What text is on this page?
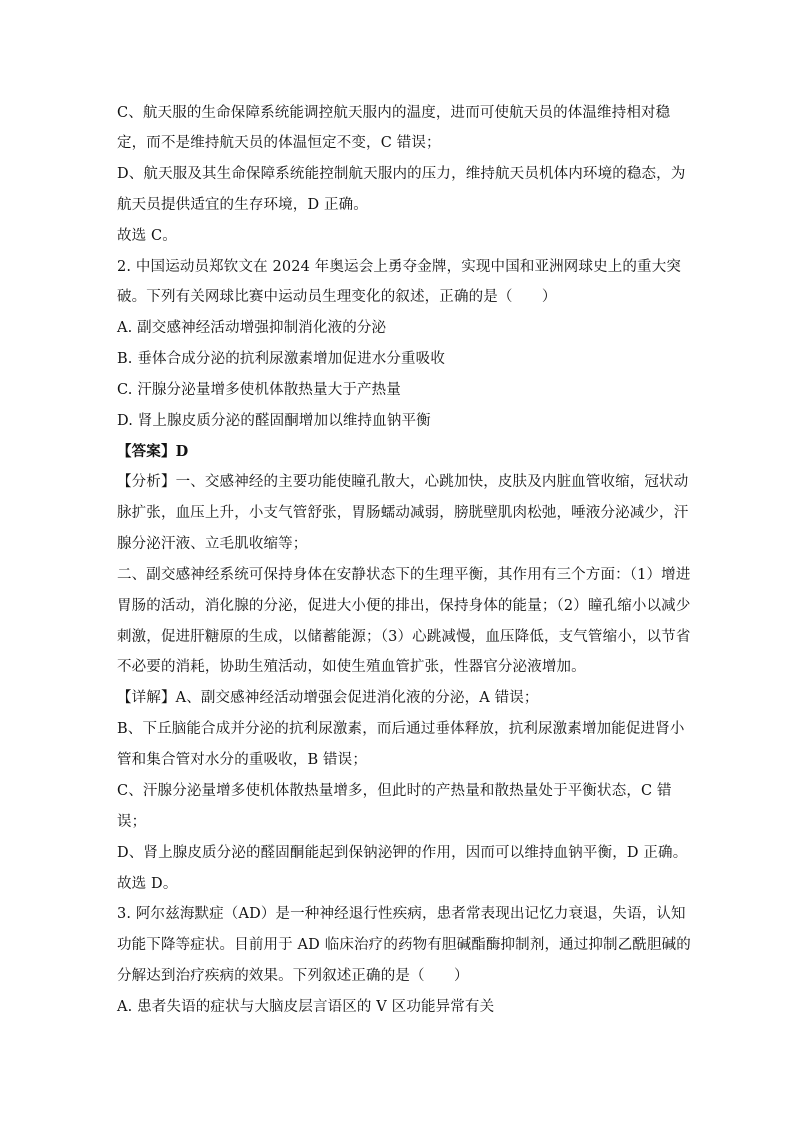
C、航天服的生命保障系统能调控航天服内的温度，进而可使航天员的体温维持相对稳
定，而不是维持航天员的体温恒定不变，C 错误；
D、航天服及其生命保障系统能控制航天服内的压力，维持航天员机体内环境的稳态，为
航天员提供适宜的生存环境，D 正确。
故选 C。
2. 中国运动员郑钦文在 2024 年奥运会上勇夺金牌，实现中国和亚洲网球史上的重大突
破。下列有关网球比赛中运动员生理变化的叙述，正确的是（　　）
A. 副交感神经活动增强抑制消化液的分泌
B. 垂体合成分泌的抗利尿激素增加促进水分重吸收
C. 汗腺分泌量增多使机体散热量大于产热量
D. 肾上腺皮质分泌的醛固酮增加以维持血钠平衡
【答案】D
【分析】一、交感神经的主要功能使瞳孔散大，心跳加快，皮肤及内脏血管收缩，冠状动
脉扩张，血压上升，小支气管舒张，胃肠蠕动减弱，膀胱壁肌肉松弛，唾液分泌减少，汗
腺分泌汗液、立毛肌收缩等；
二、副交感神经系统可保持身体在安静状态下的生理平衡，其作用有三个方面：（1）增进
胃肠的活动，消化腺的分泌，促进大小便的排出，保持身体的能量；（2）瞳孔缩小以减少
刺激，促进肝糖原的生成，以储蓄能源；（3）心跳减慢，血压降低，支气管缩小，以节省
不必要的消耗，协助生殖活动，如使生殖血管扩张，性器官分泌液增加。
【详解】A、副交感神经活动增强会促进消化液的分泌，A 错误；
B、下丘脑能合成并分泌的抗利尿激素，而后通过垂体释放，抗利尿激素增加能促进肾小
管和集合管对水分的重吸收，B 错误；
C、汗腺分泌量增多使机体散热量增多，但此时的产热量和散热量处于平衡状态，C 错
误；
D、肾上腺皮质分泌的醛固酮能起到保钠泌钾的作用，因而可以维持血钠平衡，D 正确。
故选 D。
3. 阿尔兹海默症（AD）是一种神经退行性疾病，患者常表现出记忆力衰退，失语，认知
功能下降等症状。目前用于 AD 临床治疗的药物有胆碱酯酶抑制剂，通过抑制乙酰胆碱的
分解达到治疗疾病的效果。下列叙述正确的是（　　）
A. 患者失语的症状与大脑皮层言语区的 V 区功能异常有关
